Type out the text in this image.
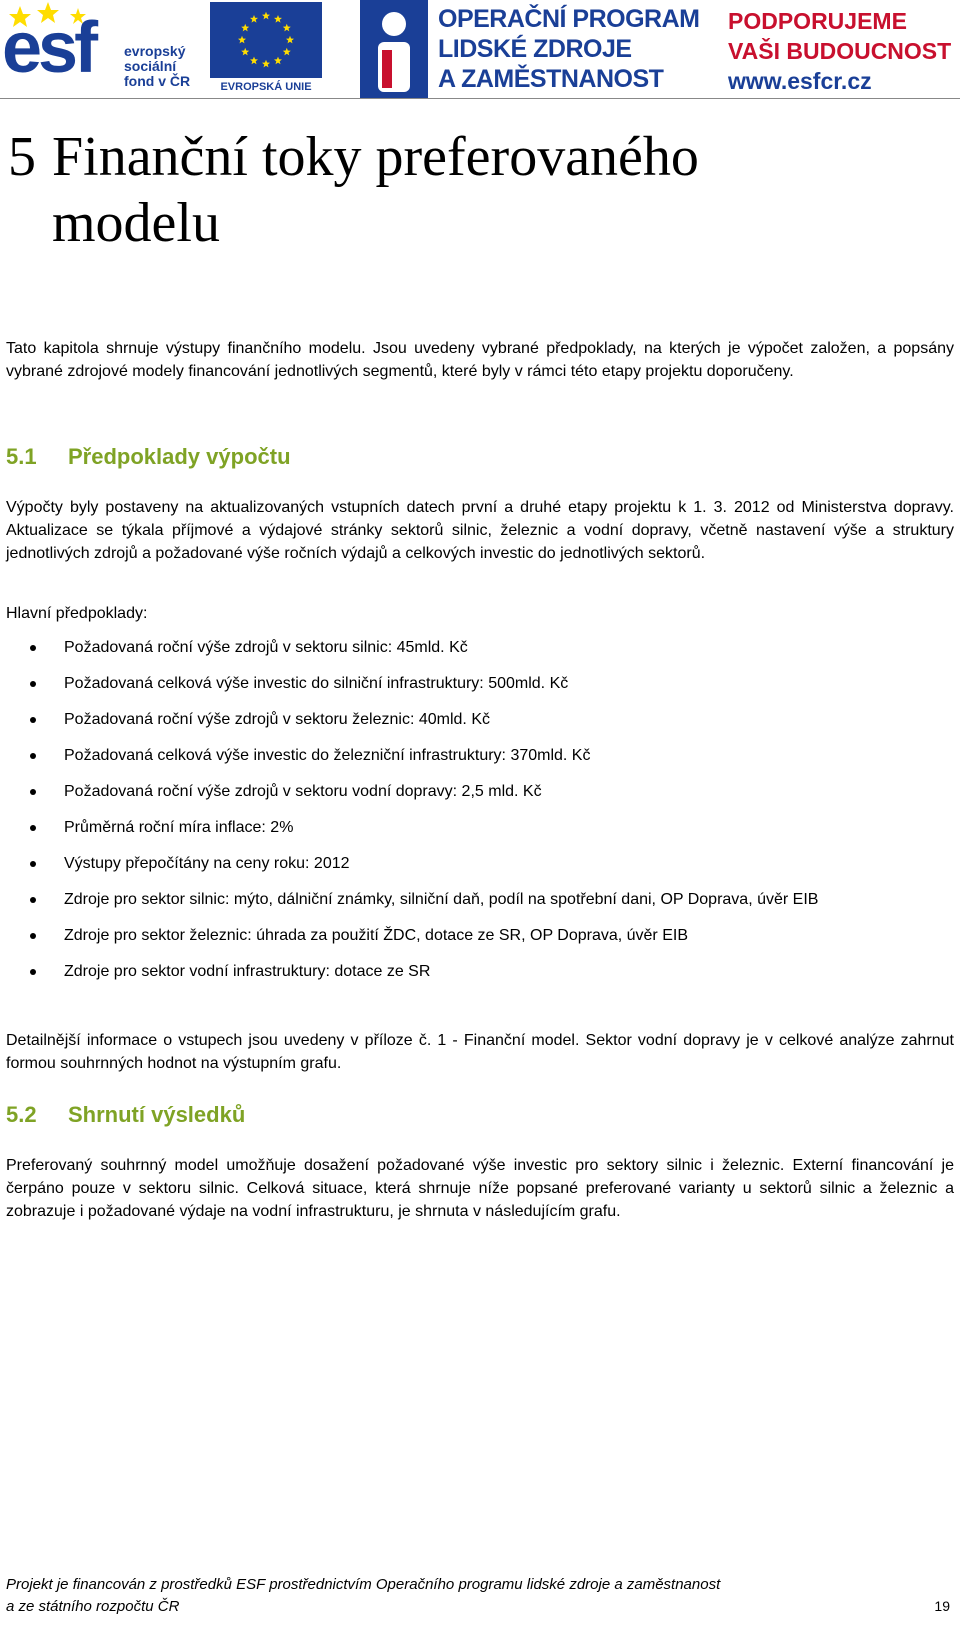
esf evropský
sociální
fond v ČR	EVROPSKÁ UNIE
OPERAČNÍ PROGRAM
LIDSKÉ ZDROJE
A ZAMĚSTNANOST
PODPORUJEME
VAŠI BUDOUCNOST
www.esfcr.cz
5 Finanční toky preferovaného
modelu
Tato kapitola shrnuje výstupy finančního modelu. Jsou uvedeny vybrané předpoklady, na kterých je výpočet založen, a popsány vybrané zdrojové modely financování jednotlivých segmentů, které byly v rámci této etapy projektu doporučeny.
5.1 Předpoklady výpočtu
Výpočty byly postaveny na aktualizovaných vstupních datech první a druhé etapy projektu k 1. 3. 2012 od Ministerstva dopravy. Aktualizace se týkala příjmové a výdajové stránky sektorů silnic, železnic a vodní dopravy, včetně nastavení výše a struktury jednotlivých zdrojů a požadované výše ročních výdajů a celkových investic do jednotlivých sektorů.
Hlavní předpoklady:
Požadovaná roční výše zdrojů v sektoru silnic: 45mld. Kč
Požadovaná celková výše investic do silniční infrastruktury: 500mld. Kč
Požadovaná roční výše zdrojů v sektoru železnic: 40mld. Kč
Požadovaná celková výše investic do železniční infrastruktury: 370mld. Kč
Požadovaná roční výše zdrojů v sektoru vodní dopravy: 2,5 mld. Kč
Průměrná roční míra inflace: 2%
Výstupy přepočítány na ceny roku: 2012
Zdroje pro sektor silnic: mýto, dálniční známky, silniční daň, podíl na spotřební dani, OP Doprava, úvěr EIB
Zdroje pro sektor železnic: úhrada za použití ŽDC, dotace ze SR, OP Doprava, úvěr EIB
Zdroje pro sektor vodní infrastruktury: dotace ze SR
Detailnější informace o vstupech jsou uvedeny v příloze č. 1 - Finanční model. Sektor vodní dopravy je v celkové analýze zahrnut formou souhrnných hodnot na výstupním grafu.
5.2 Shrnutí výsledků
Preferovaný souhrnný model umožňuje dosažení požadované výše investic pro sektory silnic i železnic. Externí financování je čerpáno pouze v sektoru silnic. Celková situace, která shrnuje níže popsané preferované varianty u sektorů silnic a železnic a zobrazuje i požadované výdaje na vodní infrastrukturu, je shrnuta v následujícím grafu.
Projekt je financován z prostředků ESF prostřednictvím Operačního programu lidské zdroje a zaměstnanost
a ze státního rozpočtu ČR	19
